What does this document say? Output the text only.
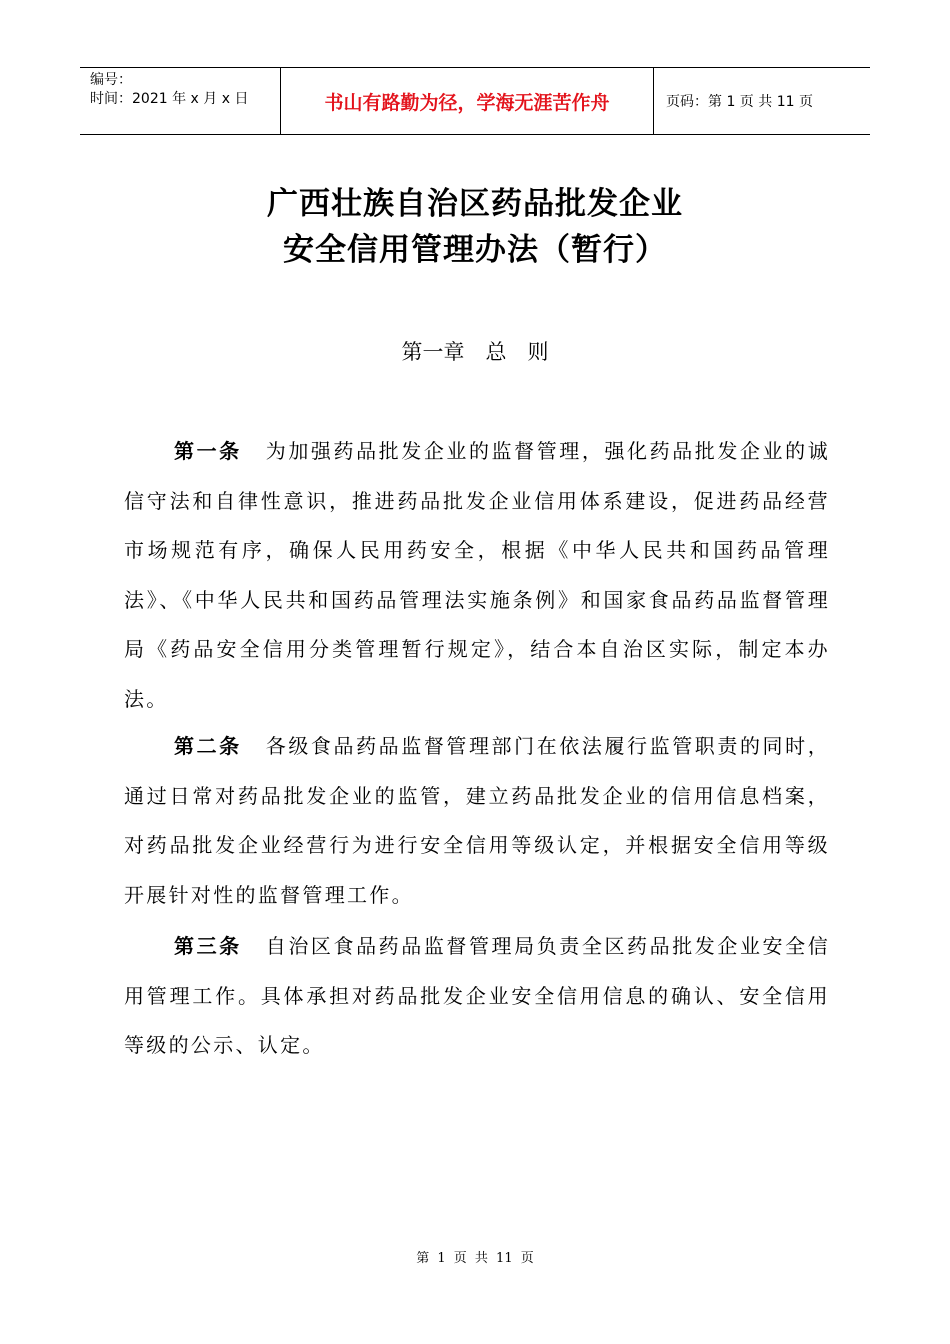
编号：
时间：2021 年 x 月 x 日	书山有路勤为径，学海无涯苦作舟	页码：第 1 页 共 11 页
广西壮族自治区药品批发企业
安全信用管理办法（暂行）
第一章　总　则

第一条 为加强药品批发企业的监督管理，强化药品批发企业的诚信守法和自律性意识，推进药品批发企业信用体系建设，促进药品经营市场规范有序，确保人民用药安全，根据《中华人民共和国药品管理法》、《中华人民共和国药品管理法实施条例》和国家食品药品监督管理局《药品安全信用分类管理暂行规定》，结合本自治区实际，制定本办法。

第二条 各级食品药品监督管理部门在依法履行监管职责的同时，通过日常对药品批发企业的监管，建立药品批发企业的信用信息档案，对药品批发企业经营行为进行安全信用等级认定，并根据安全信用等级开展针对性的监督管理工作。

第三条 自治区食品药品监督管理局负责全区药品批发企业安全信用管理工作。具体承担对药品批发企业安全信用信息的确认、安全信用等级的公示、认定。

第 1 页 共 11 页
